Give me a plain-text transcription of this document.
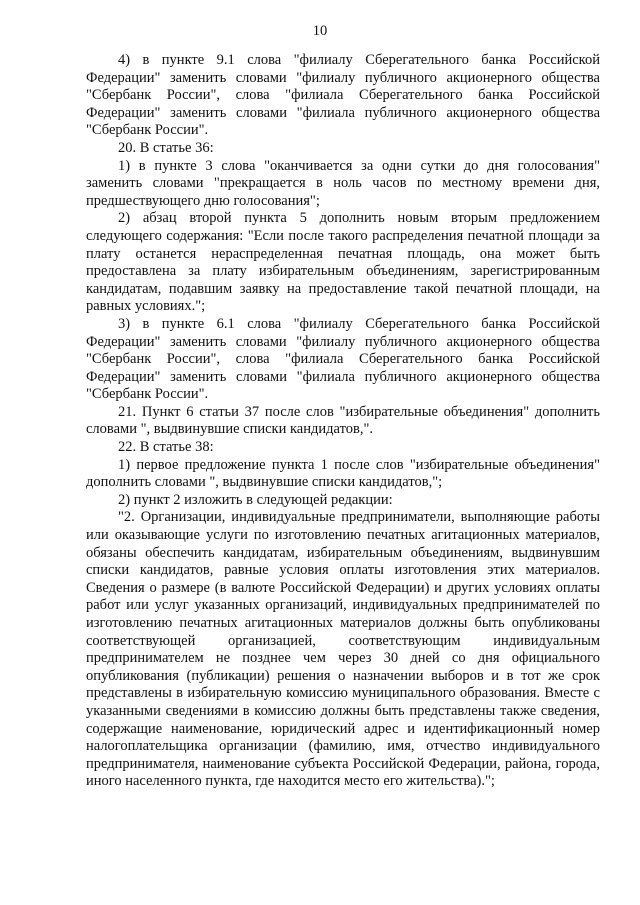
10

4) в пункте 9.1 слова "филиалу Сберегательного банка Российской Федерации" заменить словами "филиалу публичного акционерного общества "Сбербанк России", слова "филиала Сберегательного банка Российской Федерации" заменить словами "филиала публичного акционерного общества "Сбербанк России".

20. В статье 36:

1) в пункте 3 слова "оканчивается за одни сутки до дня голосования" заменить словами "прекращается в ноль часов по местному времени дня, предшествующего дню голосования";

2) абзац второй пункта 5 дополнить новым вторым предложением следующего содержания: "Если после такого распределения печатной площади за плату останется нераспределенная печатная площадь, она может быть предоставлена за плату избирательным объединениям, зарегистрированным кандидатам, подавшим заявку на предоставление такой печатной площади, на равных условиях.";

3) в пункте 6.1 слова "филиалу Сберегательного банка Российской Федерации" заменить словами "филиалу публичного акционерного общества "Сбербанк России", слова "филиала Сберегательного банка Российской Федерации" заменить словами "филиала публичного акционерного общества "Сбербанк России".

21. Пункт 6 статьи 37 после слов "избирательные объединения" дополнить словами ", выдвинувшие списки кандидатов,".

22. В статье 38:

1) первое предложение пункта 1 после слов "избирательные объединения" дополнить словами ", выдвинувшие списки кандидатов,";

2) пункт 2 изложить в следующей редакции:

"2. Организации, индивидуальные предприниматели, выполняющие работы или оказывающие услуги по изготовлению печатных агитационных материалов, обязаны обеспечить кандидатам, избирательным объединениям, выдвинувшим списки кандидатов, равные условия оплаты изготовления этих материалов. Сведения о размере (в валюте Российской Федерации) и других условиях оплаты работ или услуг указанных организаций, индивидуальных предпринимателей по изготовлению печатных агитационных материалов должны быть опубликованы соответствующей организацией, соответствующим индивидуальным предпринимателем не позднее чем через 30 дней со дня официального опубликования (публикации) решения о назначении выборов и в тот же срок представлены в избирательную комиссию муниципального образования. Вместе с указанными сведениями в комиссию должны быть представлены также сведения, содержащие наименование, юридический адрес и идентификационный номер налогоплательщика организации (фамилию, имя, отчество индивидуального предпринимателя, наименование субъекта Российской Федерации, района, города, иного населенного пункта, где находится место его жительства).";
